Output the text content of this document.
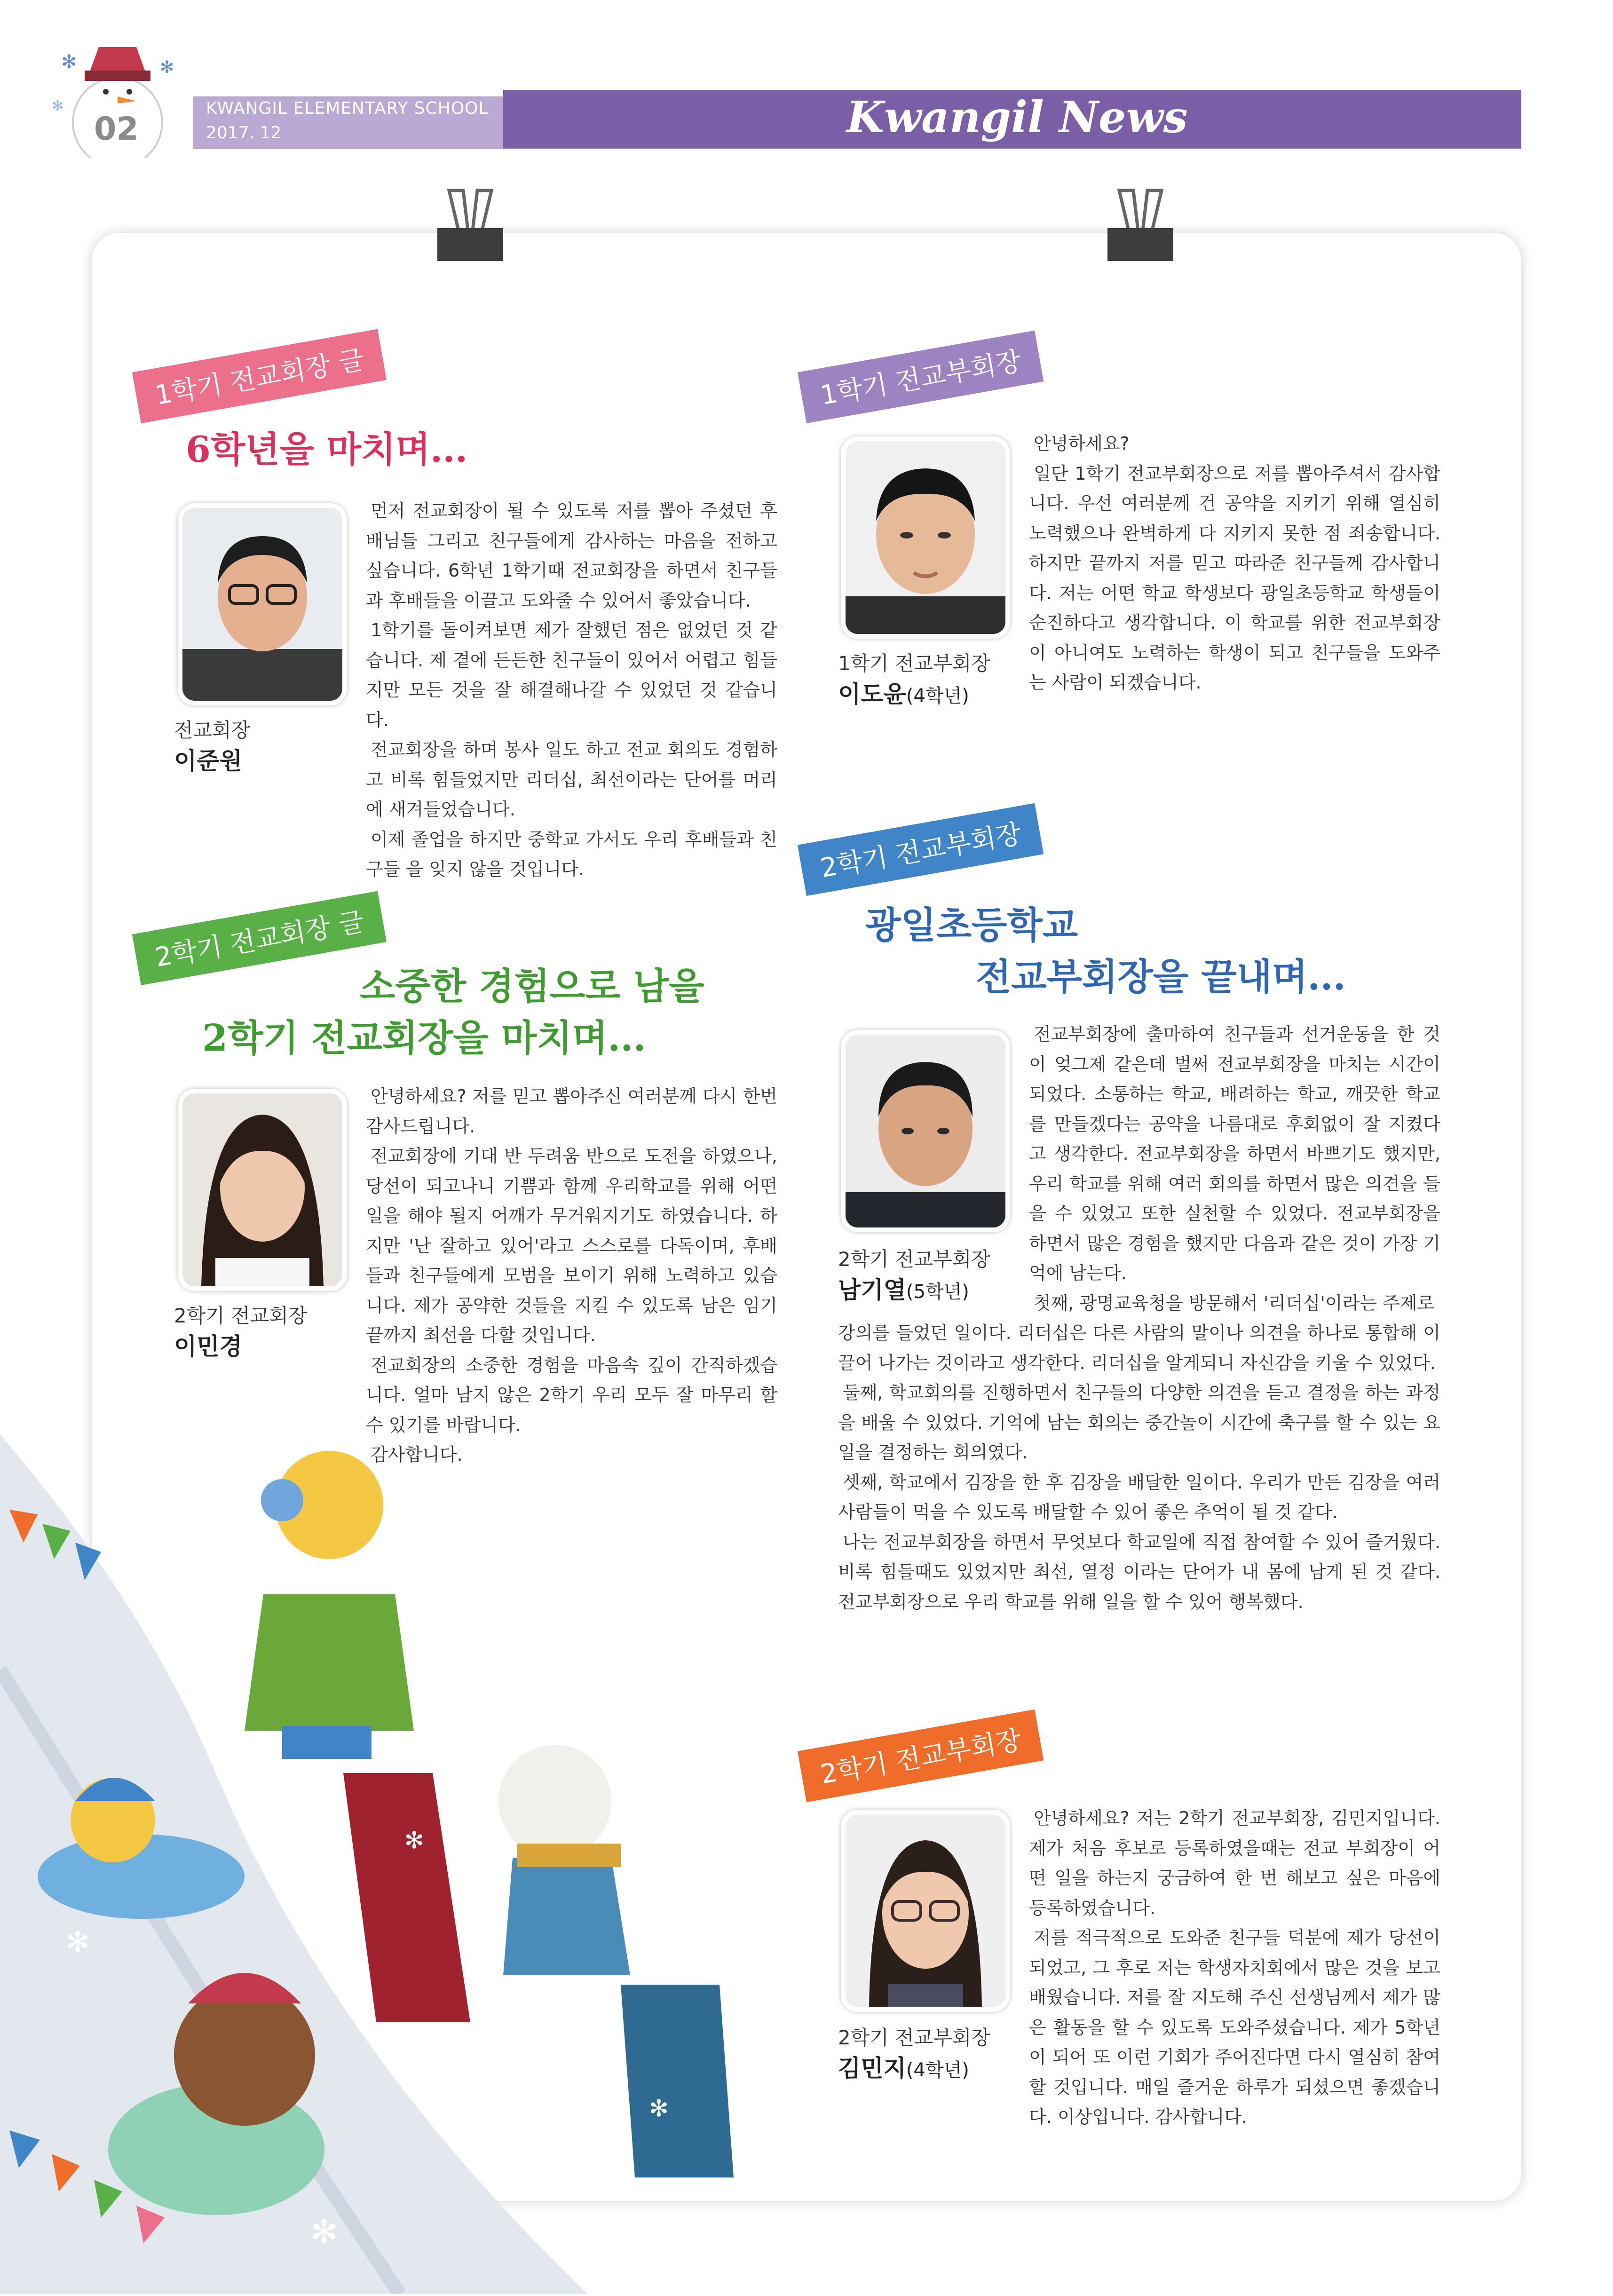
✻	✻
✻
02
KWANGIL ELEMENTARY SCHOOL
2017. 12	Kwangil News
1학기 전교회장 글
6학년을 마치며...
전교회장
이준원

먼저 전교회장이 될 수 있도록 저를 뽑아 주셨던 후배님들 그리고 친구들에게 감사하는 마음을 전하고 싶습니다. 6학년 1학기때 전교회장을 하면서 친구들과 후배들을 이끌고 도와줄 수 있어서 좋았습니다.

1학기를 돌이켜보면 제가 잘했던 점은 없었던 것 같습니다. 제 곁에 든든한 친구들이 있어서 어렵고 힘들지만 모든 것을 잘 해결해나갈 수 있었던 것 같습니다.

전교회장을 하며 봉사 일도 하고 전교 회의도 경험하고 비록 힘들었지만 리더십, 최선이라는 단어를 머리에 새겨들었습니다.

이제 졸업을 하지만 중학교 가서도 우리 후배들과 친구들 을 잊지 않을 것입니다.

1학기 전교부회장
1학기 전교부회장
이도윤(4학년)

안녕하세요?

일단 1학기 전교부회장으로 저를 뽑아주셔서 감사합니다. 우선 여러분께 건 공약을 지키기 위해 열심히 노력했으나 완벽하게 다 지키지 못한 점 죄송합니다. 하지만 끝까지 저를 믿고 따라준 친구들께 감사합니다. 저는 어떤 학교 학생보다 광일초등학교 학생들이 순진하다고 생각합니다. 이 학교를 위한 전교부회장이 아니여도 노력하는 학생이 되고 친구들을 도와주는 사람이 되겠습니다.

2학기 전교회장 글
소중한 경험으로 남을
2학기 전교회장을 마치며...
2학기 전교회장
이민경

안녕하세요? 저를 믿고 뽑아주신 여러분께 다시 한번 감사드립니다.

전교회장에 기대 반 두려움 반으로 도전을 하였으나, 당선이 되고나니 기쁨과 함께 우리학교를 위해 어떤 일을 해야 될지 어깨가 무거워지기도 하였습니다. 하지만 '난 잘하고 있어'라고 스스로를 다독이며, 후배들과 친구들에게 모범을 보이기 위해 노력하고 있습니다. 제가 공약한 것들을 지킬 수 있도록 남은 임기 끝까지 최선을 다할 것입니다.

전교회장의 소중한 경험을 마음속 깊이 간직하겠습니다. 얼마 남지 않은 2학기 우리 모두 잘 마무리 할 수 있기를 바랍니다.

감사합니다.

2학기 전교부회장
광일초등학교
전교부회장을 끝내며...
2학기 전교부회장
남기열(5학년)

전교부회장에 출마하여 친구들과 선거운동을 한 것이 엊그제 같은데 벌써 전교부회장을 마치는 시간이 되었다. 소통하는 학교, 배려하는 학교, 깨끗한 학교를 만들겠다는 공약을 나름대로 후회없이 잘 지켰다고 생각한다. 전교부회장을 하면서 바쁘기도 했지만, 우리 학교를 위해 여러 회의를 하면서 많은 의견을 들을 수 있었고 또한 실천할 수 있었다. 전교부회장을 하면서 많은 경험을 했지만 다음과 같은 것이 가장 기억에 남는다.

첫째, 광명교육청을 방문해서 '리더십'이라는 주제로

강의를 들었던 일이다. 리더십은 다른 사람의 말이나 의견을 하나로 통합해 이끌어 나가는 것이라고 생각한다. 리더십을 알게되니 자신감을 키울 수 있었다.

둘째, 학교회의를 진행하면서 친구들의 다양한 의견을 듣고 결정을 하는 과정을 배울 수 있었다. 기억에 남는 회의는 중간놀이 시간에 축구를 할 수 있는 요일을 결정하는 회의였다.

셋째, 학교에서 김장을 한 후 김장을 배달한 일이다. 우리가 만든 김장을 여러 사람들이 먹을 수 있도록 배달할 수 있어 좋은 추억이 될 것 같다.

나는 전교부회장을 하면서 무엇보다 학교일에 직접 참여할 수 있어 즐거웠다. 비록 힘들때도 있었지만 최선, 열정 이라는 단어가 내 몸에 남게 된 것 같다. 전교부회장으로 우리 학교를 위해 일을 할 수 있어 행복했다.

2학기 전교부회장
2학기 전교부회장
김민지(4학년)

안녕하세요? 저는 2학기 전교부회장, 김민지입니다. 제가 처음 후보로 등록하였을때는 전교 부회장이 어떤 일을 하는지 궁금하여 한 번 해보고 싶은 마음에 등록하였습니다.

저를 적극적으로 도와준 친구들 덕분에 제가 당선이 되었고, 그 후로 저는 학생자치회에서 많은 것을 보고 배웠습니다. 저를 잘 지도해 주신 선생님께서 제가 많은 활동을 할 수 있도록 도와주셨습니다. 제가 5학년이 되어 또 이런 기회가 주어진다면 다시 열심히 참여할 것입니다. 매일 즐거운 하루가 되셨으면 좋겠습니다. 이상입니다. 감사합니다.

✻
✻
✻
✻
